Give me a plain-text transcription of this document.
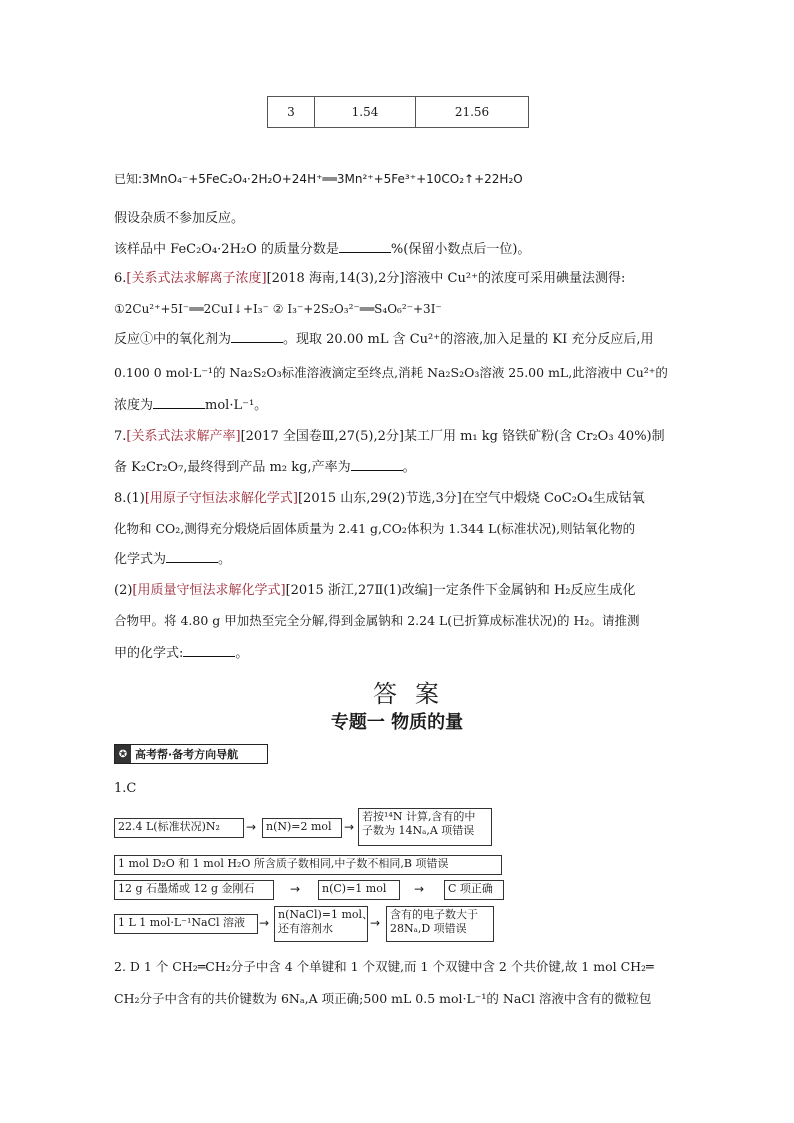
3	1.54	21.56
已知:3MnO₄⁻+5FeC₂O₄·2H₂O+24H⁺══3Mn²⁺+5Fe³⁺+10CO₂↑+22H₂O
假设杂质不参加反应。
该样品中 FeC₂O₄·2H₂O 的质量分数是	%(保留小数点后一位)。
6.[关系式法求解离子浓度][2018 海南,14(3),2分]溶液中 Cu²⁺的浓度可采用碘量法测得:
①2Cu²⁺+5I⁻══2CuI↓+I₃⁻ ② I₃⁻+2S₂O₃²⁻══S₄O₆²⁻+3I⁻
反应①中的氧化剂为	。现取 20.00 mL 含 Cu²⁺的溶液,加入足量的 KI 充分反应后,用
0.100 0 mol·L⁻¹的 Na₂S₂O₃标准溶液滴定至终点,消耗 Na₂S₂O₃溶液 25.00 mL,此溶液中 Cu²⁺的
浓度为	mol·L⁻¹。
7.[关系式法求解产率][2017 全国卷Ⅲ,27(5),2分]某工厂用 m₁ kg 铬铁矿粉(含 Cr₂O₃ 40%)制
备 K₂Cr₂O₇,最终得到产品 m₂ kg,产率为	。
8.(1)[用原子守恒法求解化学式][2015 山东,29(2)节选,3分]在空气中煅烧 CoC₂O₄生成钴氧
化物和 CO₂,测得充分煅烧后固体质量为 2.41 g,CO₂体积为 1.344 L(标准状况),则钴氧化物的
化学式为	。
(2)[用质量守恒法求解化学式][2015 浙江,27Ⅱ(1)改编]一定条件下金属钠和 H₂反应生成化
合物甲。将 4.80 g 甲加热至完全分解,得到金属钠和 2.24 L(已折算成标准状况)的 H₂。请推测
甲的化学式:	。
答案
专题一 物质的量
✪ 高考帮·备考方向导航
1.C
22.4 L(标准状况)N₂	→ n(N)=2 mol	→
若按¹⁴N 计算,含有的中
子数为 14Nₐ,A 项错误
1 mol D₂O 和 1 mol H₂O 所含质子数相同,中子数不相同,B 项错误
12 g 石墨烯或 12 g 金刚石	→	n(C)=1 mol	→	C 项正确
1 L 1 mol·L⁻¹NaCl 溶液	→
n(NaCl)=1 mol、
还有溶剂水	→
含有的电子数大于
28Nₐ,D 项错误
2. D 1 个 CH₂═CH₂分子中含 4 个单键和 1 个双键,而 1 个双键中含 2 个共价键,故 1 mol CH₂═
CH₂分子中含有的共价键数为 6Nₐ,A 项正确;500 mL 0.5 mol·L⁻¹的 NaCl 溶液中含有的微粒包
